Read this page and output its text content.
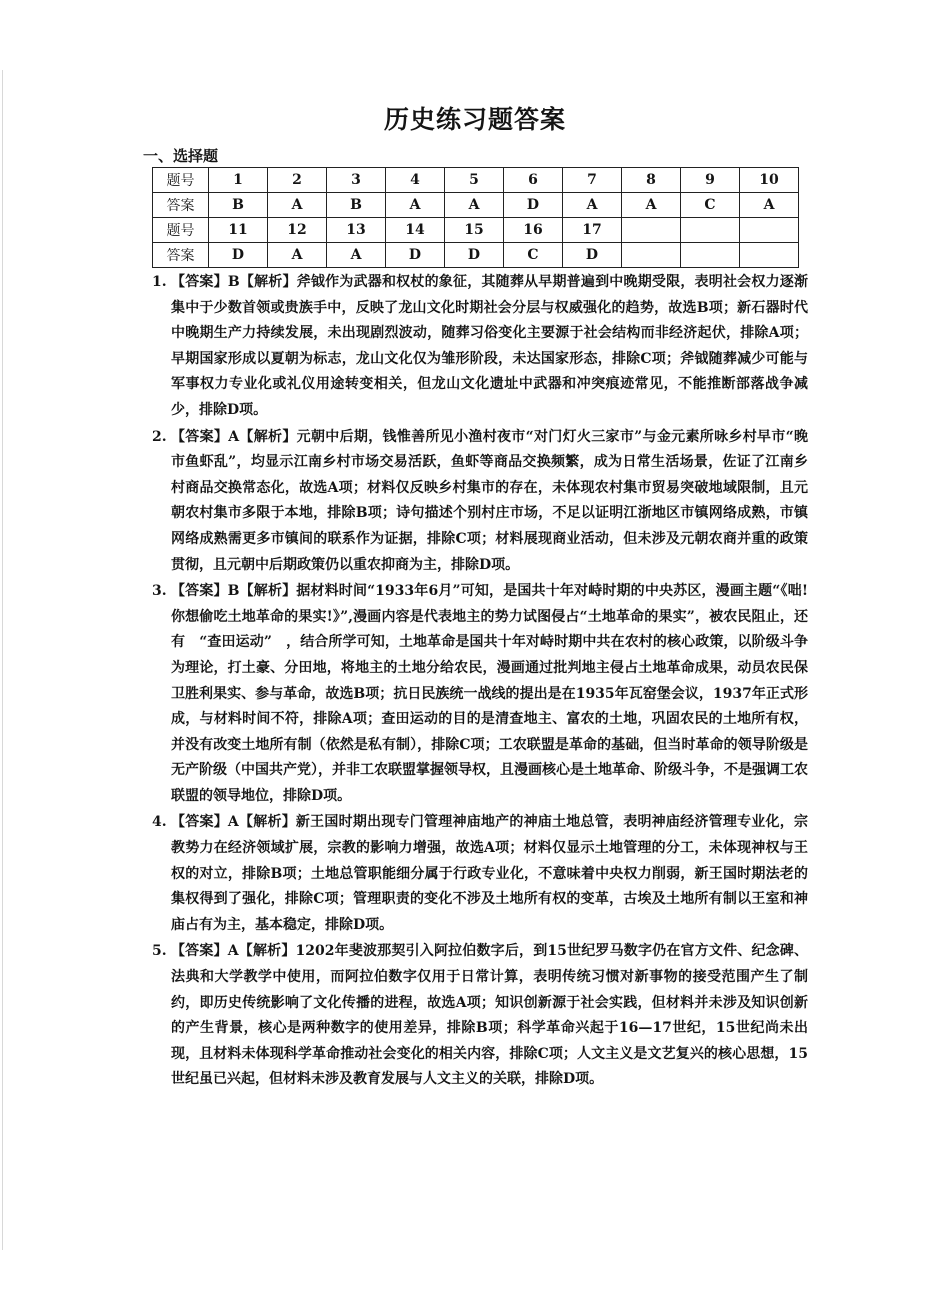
历史练习题答案
一、选择题
题号	1	2	3	4	5	6	7	8	9	10
答案	B	A	B	A	A	D	A	A	C	A
题号	11	12	13	14	15	16	17			
答案	D	A	A	D	D	C	D			
1. 【答案】B【解析】斧钺作为武器和权杖的象征，其随葬从早期普遍到中晚期受限，表明社会权力逐渐集中于少数首领或贵族手中，反映了龙山文化时期社会分层与权威强化的趋势，故选B项；新石器时代中晚期生产力持续发展，未出现剧烈波动，随葬习俗变化主要源于社会结构而非经济起伏，排除A项；早期国家形成以夏朝为标志，龙山文化仅为雏形阶段，未达国家形态，排除C项；斧钺随葬减少可能与军事权力专业化或礼仪用途转变相关，但龙山文化遗址中武器和冲突痕迹常见，不能推断部落战争减少，排除D项。
2. 【答案】A【解析】元朝中后期，钱惟善所见小渔村夜市“对门灯火三家市”与金元素所咏乡村早市“晚市鱼虾乱”，均显示江南乡村市场交易活跃，鱼虾等商品交换频繁，成为日常生活场景，佐证了江南乡村商品交换常态化，故选A项；材料仅反映乡村集市的存在，未体现农村集市贸易突破地域限制，且元朝农村集市多限于本地，排除B项；诗句描述个别村庄市场，不足以证明江浙地区市镇网络成熟，市镇网络成熟需更多市镇间的联系作为证据，排除C项；材料展现商业活动，但未涉及元朝农商并重的政策贯彻，且元朝中后期政策仍以重农抑商为主，排除D项。
3. 【答案】B【解析】据材料时间“1933年6月”可知，是国共十年对峙时期的中央苏区，漫画主题“《咄!你想偷吃土地革命的果实!》”,漫画内容是代表地主的势力试图侵占“土地革命的果实”，被农民阻止，还有　“查田运动”　，结合所学可知，土地革命是国共十年对峙时期中共在农村的核心政策，以阶级斗争为理论，打土豪、分田地，将地主的土地分给农民，漫画通过批判地主侵占土地革命成果，动员农民保卫胜利果实、参与革命，故选B项；抗日民族统一战线的提出是在1935年瓦窑堡会议，1937年正式形成，与材料时间不符，排除A项；查田运动的目的是清查地主、富农的土地，巩固农民的土地所有权，并没有改变土地所有制（依然是私有制），排除C项；工农联盟是革命的基础，但当时革命的领导阶级是无产阶级（中国共产党），并非工农联盟掌握领导权，且漫画核心是土地革命、阶级斗争，不是强调工农联盟的领导地位，排除D项。
4. 【答案】A【解析】新王国时期出现专门管理神庙地产的神庙土地总管，表明神庙经济管理专业化，宗教势力在经济领域扩展，宗教的影响力增强，故选A项；材料仅显示土地管理的分工，未体现神权与王权的对立，排除B项；土地总管职能细分属于行政专业化，不意味着中央权力削弱，新王国时期法老的集权得到了强化，排除C项；管理职责的变化不涉及土地所有权的变革，古埃及土地所有制以王室和神庙占有为主，基本稳定，排除D项。
5. 【答案】A【解析】1202年斐波那契引入阿拉伯数字后，到15世纪罗马数字仍在官方文件、纪念碑、法典和大学教学中使用，而阿拉伯数字仅用于日常计算，表明传统习惯对新事物的接受范围产生了制约，即历史传统影响了文化传播的进程，故选A项；知识创新源于社会实践，但材料并未涉及知识创新的产生背景，核心是两种数字的使用差异，排除B项；科学革命兴起于16—17世纪，15世纪尚未出现，且材料未体现科学革命推动社会变化的相关内容，排除C项；人文主义是文艺复兴的核心思想，15世纪虽已兴起，但材料未涉及教育发展与人文主义的关联，排除D项。
